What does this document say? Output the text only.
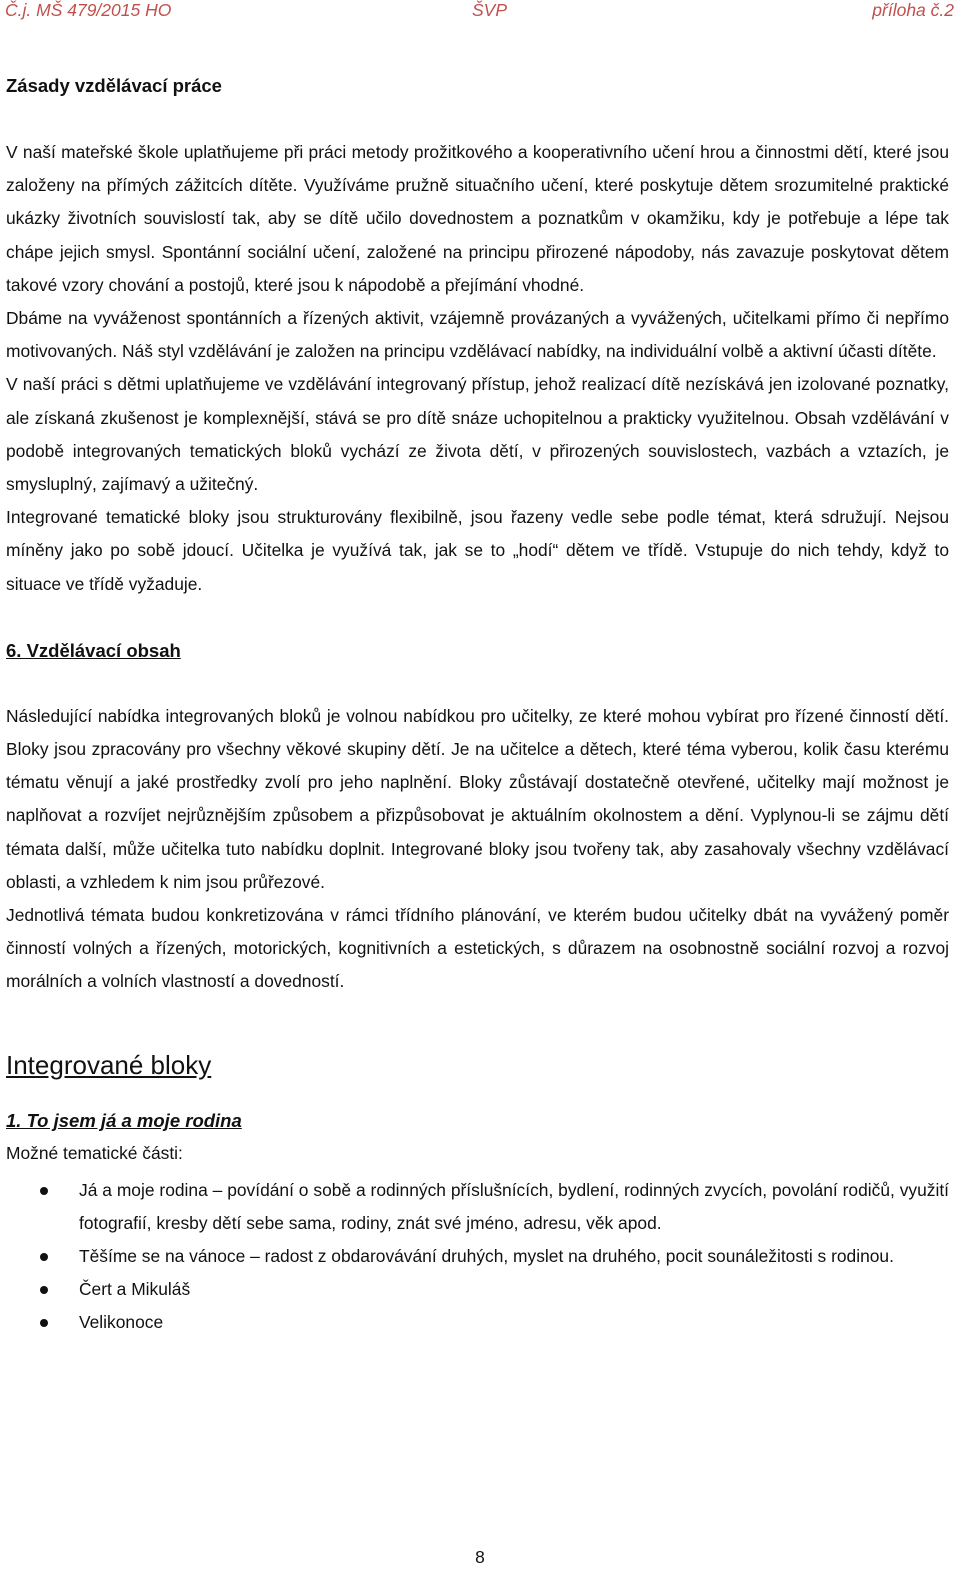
Č.j. MŠ 479/2015 HO	ŠVP	příloha č.2
Zásady vzdělávací práce

V naší mateřské škole uplatňujeme při práci metody prožitkového a kooperativního učení hrou a činnostmi dětí, které jsou založeny na přímých zážitcích dítěte. Využíváme pružně situačního učení, které poskytuje dětem srozumitelné praktické ukázky životních souvislostí tak, aby se dítě učilo dovednostem a poznatkům v okamžiku, kdy je potřebuje a lépe tak chápe jejich smysl. Spontánní sociální učení, založené na principu přirozené nápodoby, nás zavazuje poskytovat dětem takové vzory chování a postojů, které jsou k nápodobě a přejímání vhodné.

Dbáme na vyváženost spontánních a řízených aktivit, vzájemně provázaných a vyvážených, učitelkami přímo či nepřímo motivovaných. Náš styl vzdělávání je založen na principu vzdělávací nabídky, na individuální volbě a aktivní účasti dítěte.

V naší práci s dětmi uplatňujeme ve vzdělávání integrovaný přístup, jehož realizací dítě nezískává jen izolované poznatky, ale získaná zkušenost je komplexnější, stává se pro dítě snáze uchopitelnou a prakticky využitelnou. Obsah vzdělávání v podobě integrovaných tematických bloků vychází ze života dětí, v přirozených souvislostech, vazbách a vztazích, je smysluplný, zajímavý a užitečný.

Integrované tematické bloky jsou strukturovány flexibilně, jsou řazeny vedle sebe podle témat, která sdružují. Nejsou míněny jako po sobě jdoucí. Učitelka je využívá tak, jak se to „hodí“ dětem ve třídě. Vstupuje do nich tehdy, když to situace ve třídě vyžaduje.

6. Vzdělávací obsah

Následující nabídka integrovaných bloků je volnou nabídkou pro učitelky, ze které mohou vybírat pro řízené činností dětí. Bloky jsou zpracovány pro všechny věkové skupiny dětí. Je na učitelce a dětech, které téma vyberou, kolik času kterému tématu věnují a jaké prostředky zvolí pro jeho naplnění. Bloky zůstávají dostatečně otevřené, učitelky mají možnost je naplňovat a rozvíjet nejrůznějším způsobem a přizpůsobovat je aktuálním okolnostem a dění. Vyplynou-li se zájmu dětí témata další, může učitelka tuto nabídku doplnit. Integrované bloky jsou tvořeny tak, aby zasahovaly všechny vzdělávací oblasti, a vzhledem k nim jsou průřezové.

Jednotlivá témata budou konkretizována v rámci třídního plánování, ve kterém budou učitelky dbát na vyvážený poměr činností volných a řízených, motorických, kognitivních a estetických, s důrazem na osobnostně sociální rozvoj a rozvoj morálních a volních vlastností a dovedností.

Integrované bloky
1. To jsem já a moje rodina

Možné tematické části:

Já a moje rodina – povídání o sobě a rodinných příslušnících, bydlení, rodinných zvycích, povolání rodičů, využití fotografií, kresby dětí sebe sama, rodiny, znát své jméno, adresu, věk apod.
Těšíme se na vánoce – radost z obdarovávání druhých, myslet na druhého, pocit sounáležitosti s rodinou.
Čert a Mikuláš
Velikonoce
8
